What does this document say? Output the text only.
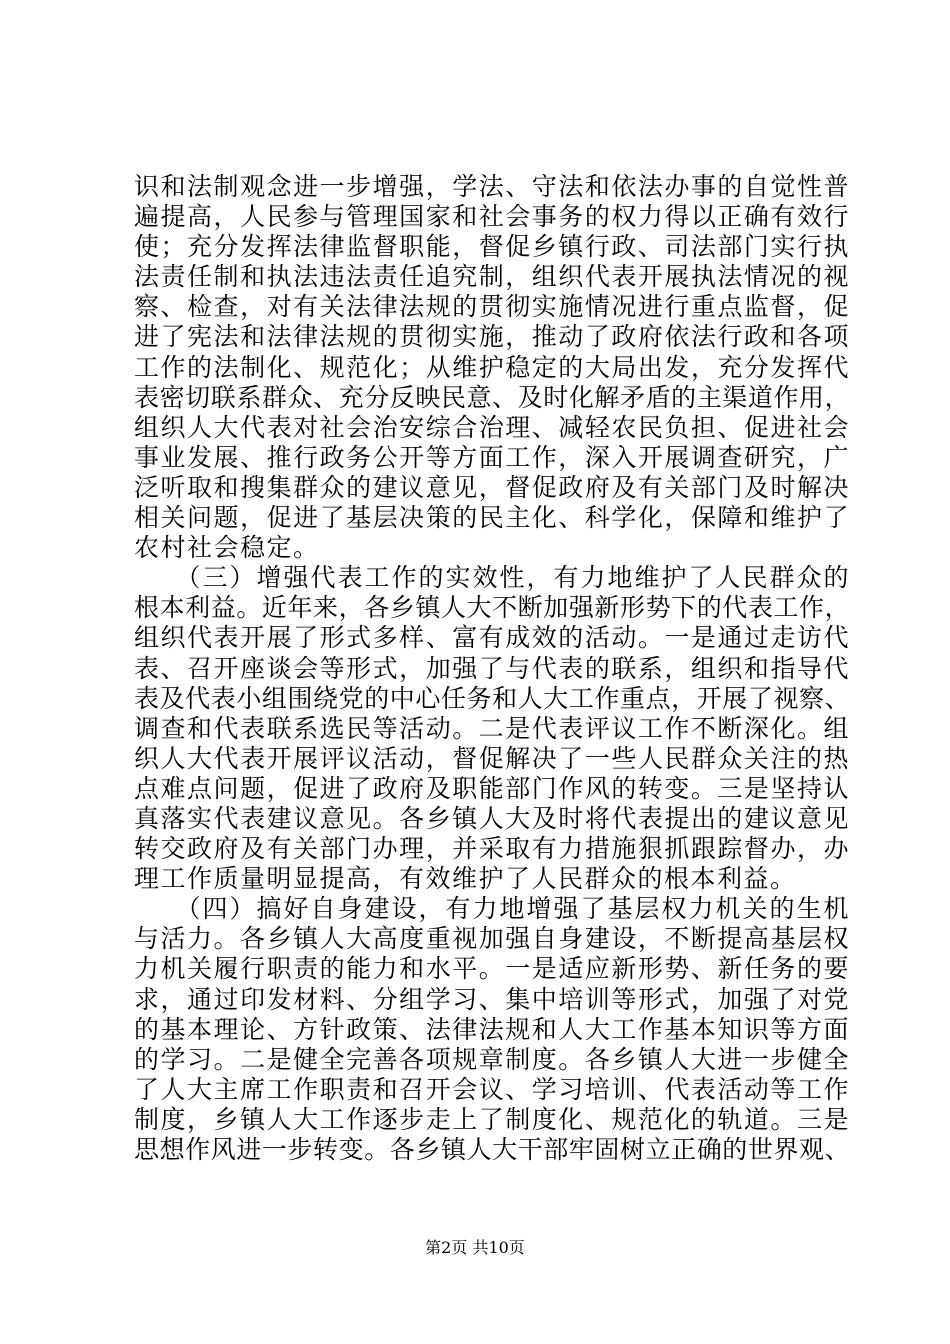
识和法制观念进一步增强，学法、守法和依法办事的自觉性普
遍提高，人民参与管理国家和社会事务的权力得以正确有效行
使；充分发挥法律监督职能，督促乡镇行政、司法部门实行执
法责任制和执法违法责任追究制，组织代表开展执法情况的视
察、检查，对有关法律法规的贯彻实施情况进行重点监督，促
进了宪法和法律法规的贯彻实施，推动了政府依法行政和各项
工作的法制化、规范化；从维护稳定的大局出发，充分发挥代
表密切联系群众、充分反映民意、及时化解矛盾的主渠道作用，
组织人大代表对社会治安综合治理、减轻农民负担、促进社会
事业发展、推行政务公开等方面工作，深入开展调查研究，广
泛听取和搜集群众的建议意见，督促政府及有关部门及时解决
相关问题，促进了基层决策的民主化、科学化，保障和维护了
农村社会稳定。
　　（三）增强代表工作的实效性，有力地维护了人民群众的
根本利益。近年来，各乡镇人大不断加强新形势下的代表工作，
组织代表开展了形式多样、富有成效的活动。一是通过走访代
表、召开座谈会等形式，加强了与代表的联系，组织和指导代
表及代表小组围绕党的中心任务和人大工作重点，开展了视察、
调查和代表联系选民等活动。二是代表评议工作不断深化。组
织人大代表开展评议活动，督促解决了一些人民群众关注的热
点难点问题，促进了政府及职能部门作风的转变。三是坚持认
真落实代表建议意见。各乡镇人大及时将代表提出的建议意见
转交政府及有关部门办理，并采取有力措施狠抓跟踪督办，办
理工作质量明显提高，有效维护了人民群众的根本利益。
　　（四）搞好自身建设，有力地增强了基层权力机关的生机
与活力。各乡镇人大高度重视加强自身建设，不断提高基层权
力机关履行职责的能力和水平。一是适应新形势、新任务的要
求，通过印发材料、分组学习、集中培训等形式，加强了对党
的基本理论、方针政策、法律法规和人大工作基本知识等方面
的学习。二是健全完善各项规章制度。各乡镇人大进一步健全
了人大主席工作职责和召开会议、学习培训、代表活动等工作
制度，乡镇人大工作逐步走上了制度化、规范化的轨道。三是
思想作风进一步转变。各乡镇人大干部牢固树立正确的世界观、
第2页 共10页
